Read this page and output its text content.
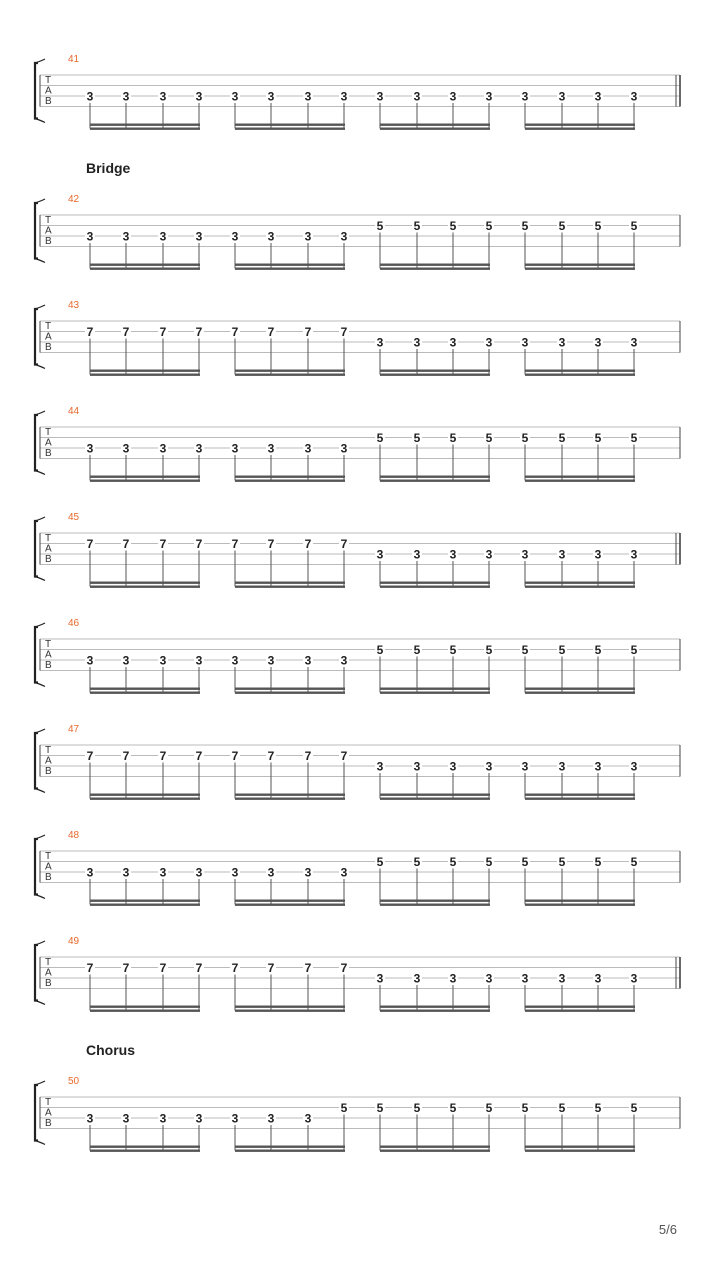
41
T
A
B	3 3	3 3 3 3	3 3 3	3 3 3 3	3 3 3
Bridge
42
T
A
B	3 3	3 3 3 3	3 3
5	5 5 5 5	5 5 5
43
T
A
B
7 7	7 7 7 7	7 7
3	3 3 3 3	3 3 3
44
T
A
B	3 3	3 3 3 3	3 3
5	5 5 5 5	5 5 5
45
T
A
B
7 7	7 7 7 7	7 7
3	3 3 3 3	3 3 3
46
T
A
B	3 3	3 3 3 3	3 3
5	5 5 5 5	5 5 5
47
T
A
B
7 7	7 7 7 7	7 7
3	3 3 3 3	3 3 3
48
T
A
B	3 3	3 3 3 3	3 3
5	5 5 5 5	5 5 5
49
T
A
B
7 7	7 7 7 7	7 7
3	3 3 3 3	3 3 3
Chorus
50
T
A
B	3 3	3 3 3 3	3
5 5	5 5 5 5	5 5 5
5/6
